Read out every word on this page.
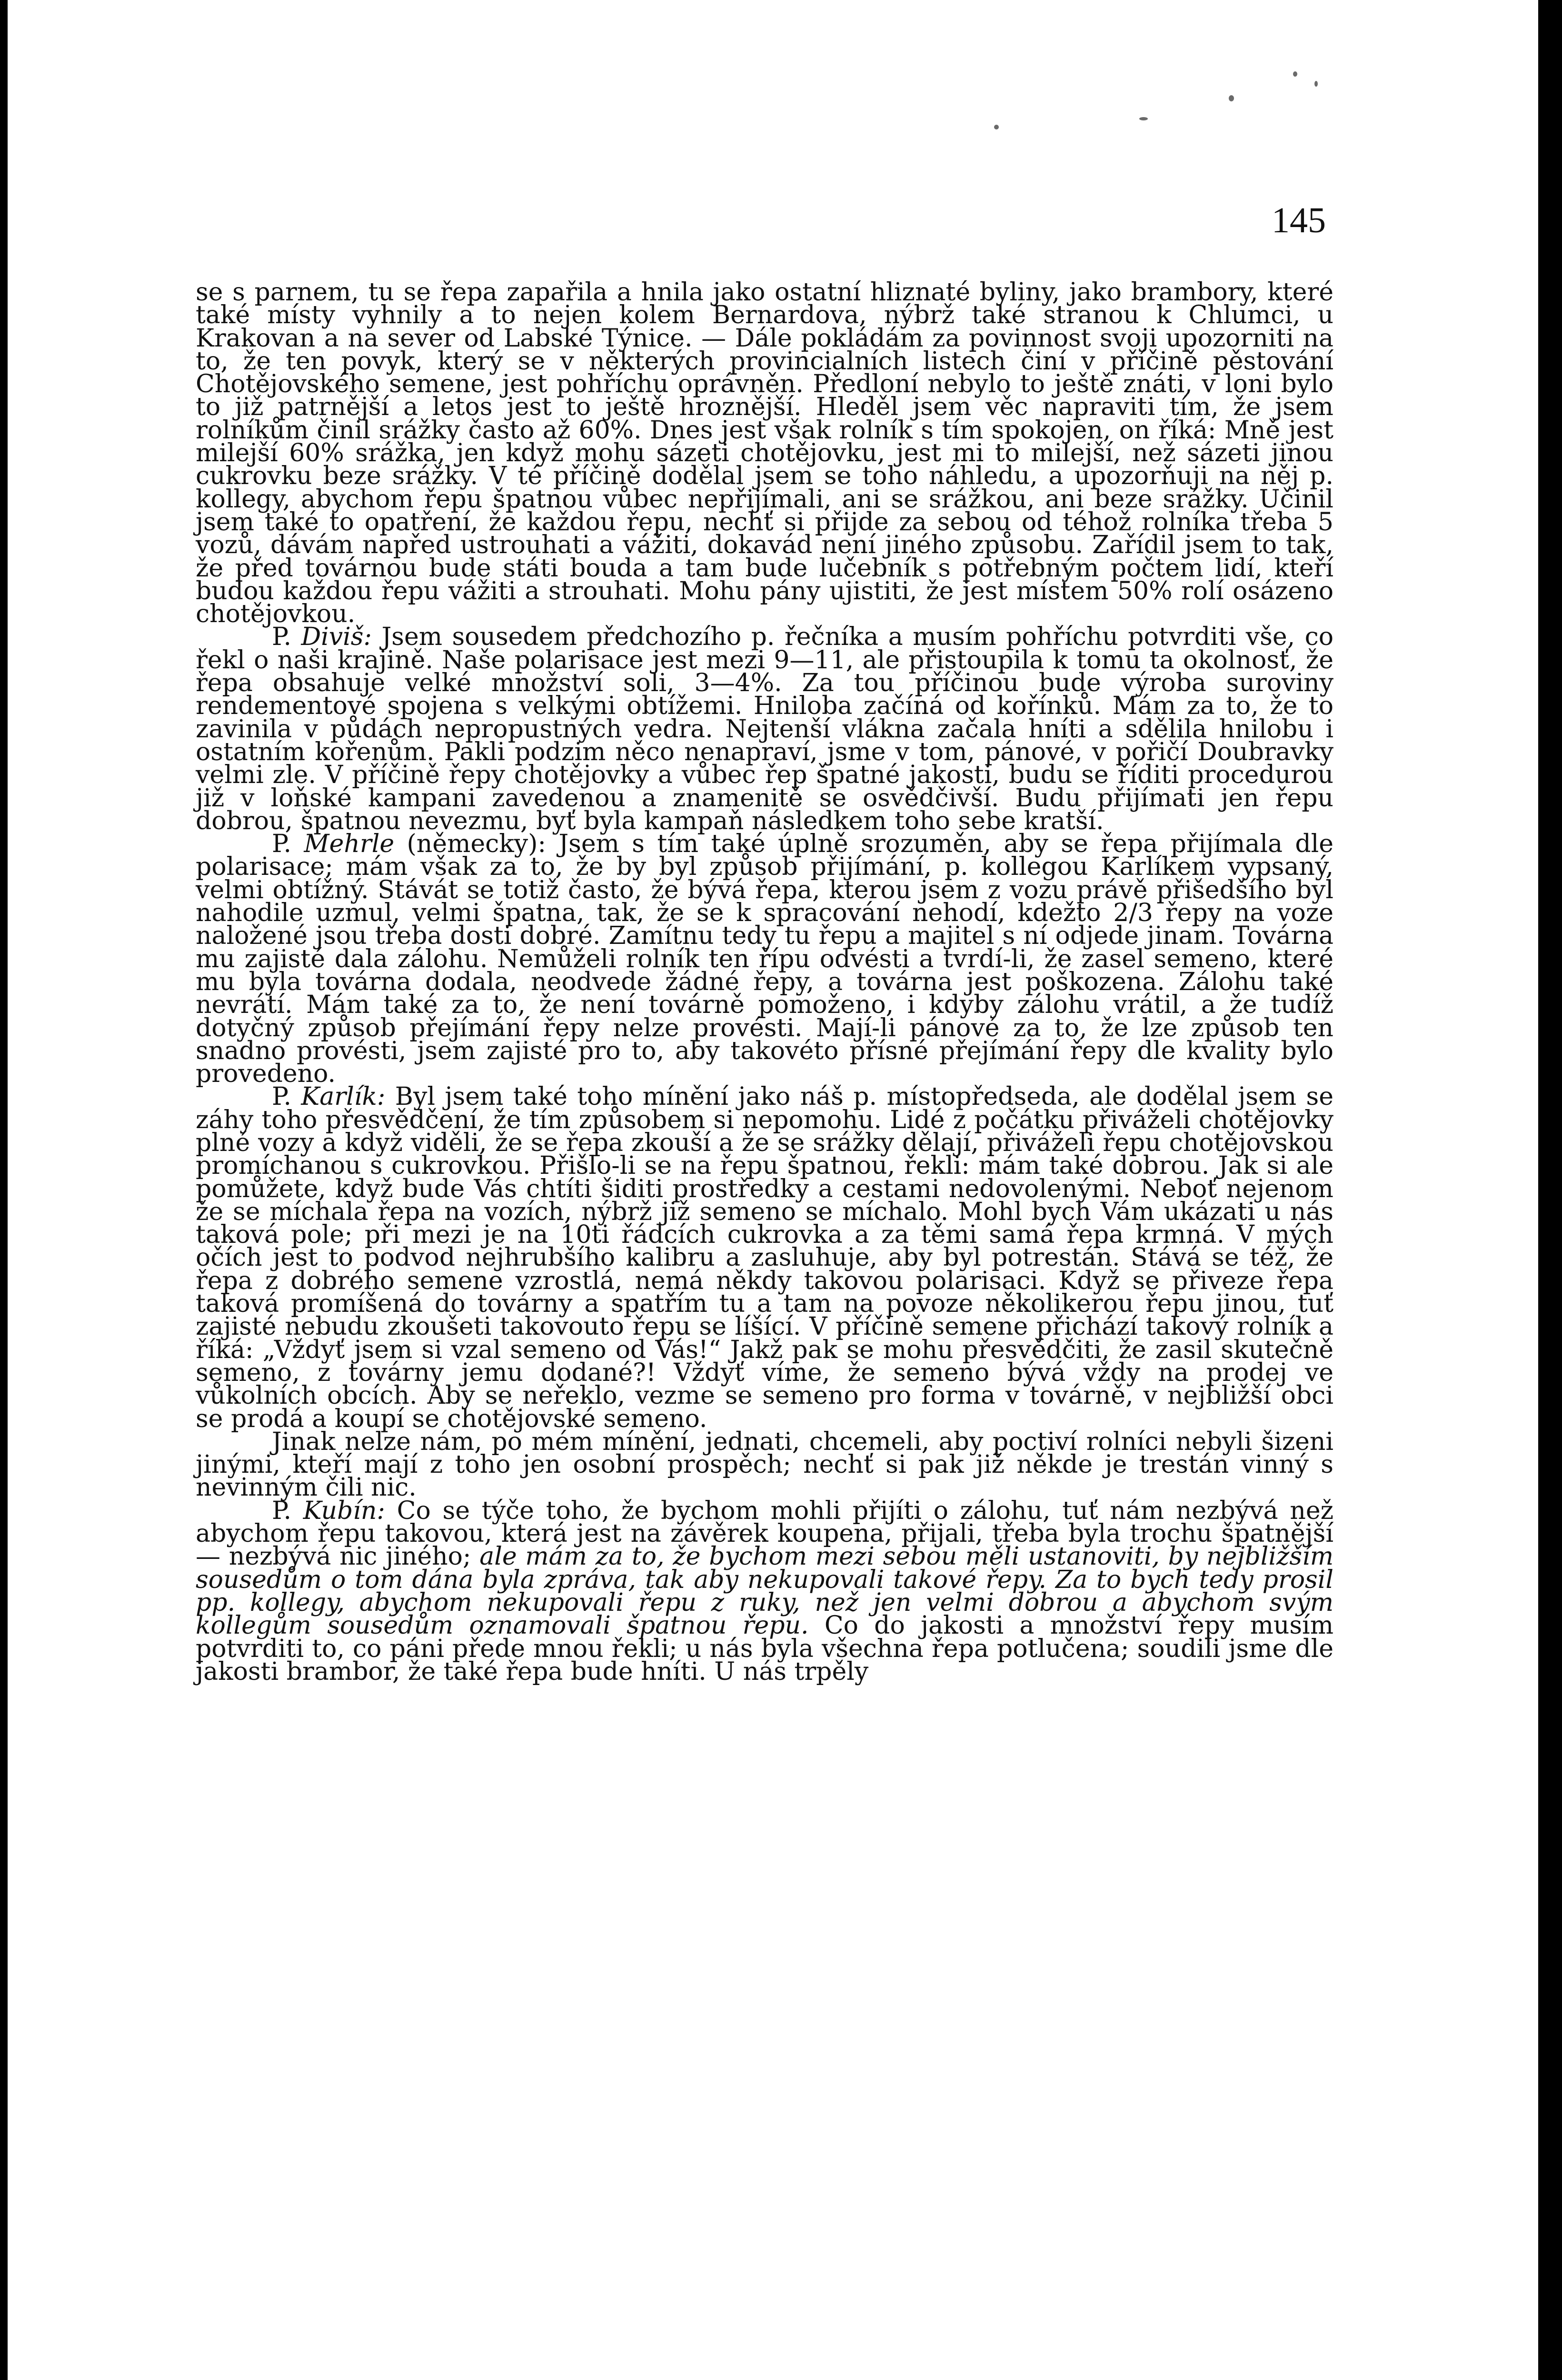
145

se s parnem, tu se řepa zapařila a hnila jako ostatní hliznaté byliny, jako brambory, které také místy vyhnily a to nejen kolem Bernardova, nýbrž také stranou k Chlumci, u Krakovan a na sever od Labské Týnice. — Dále pokládám za povinnost svoji upozorniti na to, že ten povyk, který se v některých provincialních listech činí v příčině pěstování Chotějovského semene, jest pohříchu oprávněn. Předloní nebylo to ještě znáti, v loni bylo to již patrnější a letos jest to ještě hroznější. Hleděl jsem věc napraviti tím, že jsem rolníkům činil srážky často až 60%. Dnes jest však rolník s tím spokojen, on říká: Mně jest milejší 60% srážka, jen když mohu sázeti chotějovku, jest mi to milejší, než sázeti jinou cukrovku beze srážky. V té příčině dodělal jsem se toho náhledu, a upozorňuji na něj p. kollegy, abychom řepu špatnou vůbec nepřijímali, ani se srážkou, ani beze srážky. Učinil jsem také to opatření, že každou řepu, nechť si přijde za sebou od téhož rolníka třeba 5 vozů, dávám napřed ustrouhati a vážiti, dokavád není jiného způsobu. Zařídil jsem to tak, že před továrnou bude státi bouda a tam bude lučebník s potřebným počtem lidí, kteří budou každou řepu vážiti a strouhati. Mohu pány ujistiti, že jest místem 50% rolí osázeno chotějovkou.

P. Diviš: Jsem sousedem předchozího p. řečníka a musím pohříchu potvrditi vše, co řekl o naši krajině. Naše polarisace jest mezi 9—11, ale přistoupila k tomu ta okolnosť, že řepa obsahuje velké množství soli, 3—4%. Za tou příčinou bude výroba suroviny rendementové spojena s velkými obtížemi. Hniloba začíná od kořínků. Mám za to, že to zavinila v půdách nepropustných vedra. Nejtenší vlákna začala hníti a sdělila hnilobu i ostatním kořenům. Pakli podzim něco nenapraví, jsme v tom, pánové, v pořičí Doubravky velmi zle. V příčině řepy chotějovky a vůbec řep špatné jakosti, budu se říditi procedurou již v loňské kampani zavedenou a znamenitě se osvědčivší. Budu přijímati jen řepu dobrou, špatnou nevezmu, byť byla kampaň následkem toho sebe kratší.

P. Mehrle (německy): Jsem s tím také úplně srozuměn, aby se řepa přijímala dle polarisace; mám však za to, že by byl způsob přijímání, p. kollegou Karlíkem vypsaný, velmi obtížný. Stávát se totiž často, že bývá řepa, kterou jsem z vozu právě přišedšího byl nahodile uzmul, velmi špatna, tak, že se k spracování nehodí, kdežto 2/3 řepy na voze naložené jsou třeba dosti dobré. Zamítnu tedy tu řepu a majitel s ní odjede jinam. Továrna mu zajisté dala zálohu. Nemůželi rolník ten řípu odvésti a tvrdí-li, že zasel semeno, které mu byla továrna dodala, neodvede žádné řepy, a továrna jest poškozena. Zálohu také nevrátí. Mám také za to, že není továrně pomoženo, i kdyby zálohu vrátil, a že tudíž dotyčný způsob přejímání řepy nelze provésti. Mají-li pánové za to, že lze způsob ten snadno provésti, jsem zajisté pro to, aby takovéto přísné přejímání řepy dle kvality bylo provedeno.

P. Karlík: Byl jsem také toho mínění jako náš p. místopředseda, ale dodělal jsem se záhy toho přesvědčení, že tím způsobem si nepomohu. Lidé z počátku přiváželi chotějovky plné vozy a když viděli, že se řepa zkouší a že se srážky dělají, přiváželi řepu chotějovskou promíchanou s cukrovkou. Přišlo-li se na řepu špatnou, řekli: mám také dobrou. Jak si ale pomůžete, když bude Vás chtíti šiditi prostředky a cestami nedovolenými. Neboť nejenom že se míchala řepa na vozích, nýbrž již semeno se míchalo. Mohl bych Vám ukázati u nás taková pole; při mezi je na 10ti řádcích cukrovka a za těmi samá řepa krmná. V mých očích jest to podvod nejhrubšího kalibru a zasluhuje, aby byl potrestán. Stává se též, že řepa z dobrého semene vzrostlá, nemá někdy takovou polarisaci. Když se přiveze řepa taková promíšená do továrny a spatřím tu a tam na povoze několikerou řepu jinou, tuť zajisté nebudu zkoušeti takovouto řepu se líšící. V příčině semene přichází takový rolník a říká: „Vždyť jsem si vzal semeno od Vás!“ Jakž pak se mohu přesvědčiti, že zasil skutečně semeno, z továrny jemu dodané?! Vždyť víme, že semeno bývá vždy na prodej ve vůkolních obcích. Aby se neřeklo, vezme se semeno pro forma v továrně, v nejbližší obci se prodá a koupí se chotějovské semeno.

Jinak nelze nám, po mém mínění, jednati, chcemeli, aby poctiví rolníci nebyli šizeni jinými, kteří mají z toho jen osobní prospěch; nechť si pak již někde je trestán vinný s nevinným čili nic.

P. Kubín: Co se týče toho, že bychom mohli přijíti o zálohu, tuť nám nezbývá než abychom řepu takovou, která jest na závěrek koupena, přijali, třeba byla trochu špatnější — nezbývá nic jiného; ale mám za to, že bychom mezi sebou měli ustanoviti, by nejbližším sousedům o tom dána byla zpráva, tak aby nekupovali takové řepy. Za to bych tedy prosil pp. kollegy, abychom nekupovali řepu z ruky, než jen velmi dobrou a abychom svým kollegům sousedům oznamovali špatnou řepu. Co do jakosti a množství řepy musím potvrditi to, co páni přede mnou řekli; u nás byla všechna řepa potlučena; soudili jsme dle jakosti brambor, že také řepa bude hníti. U nás trpěly
